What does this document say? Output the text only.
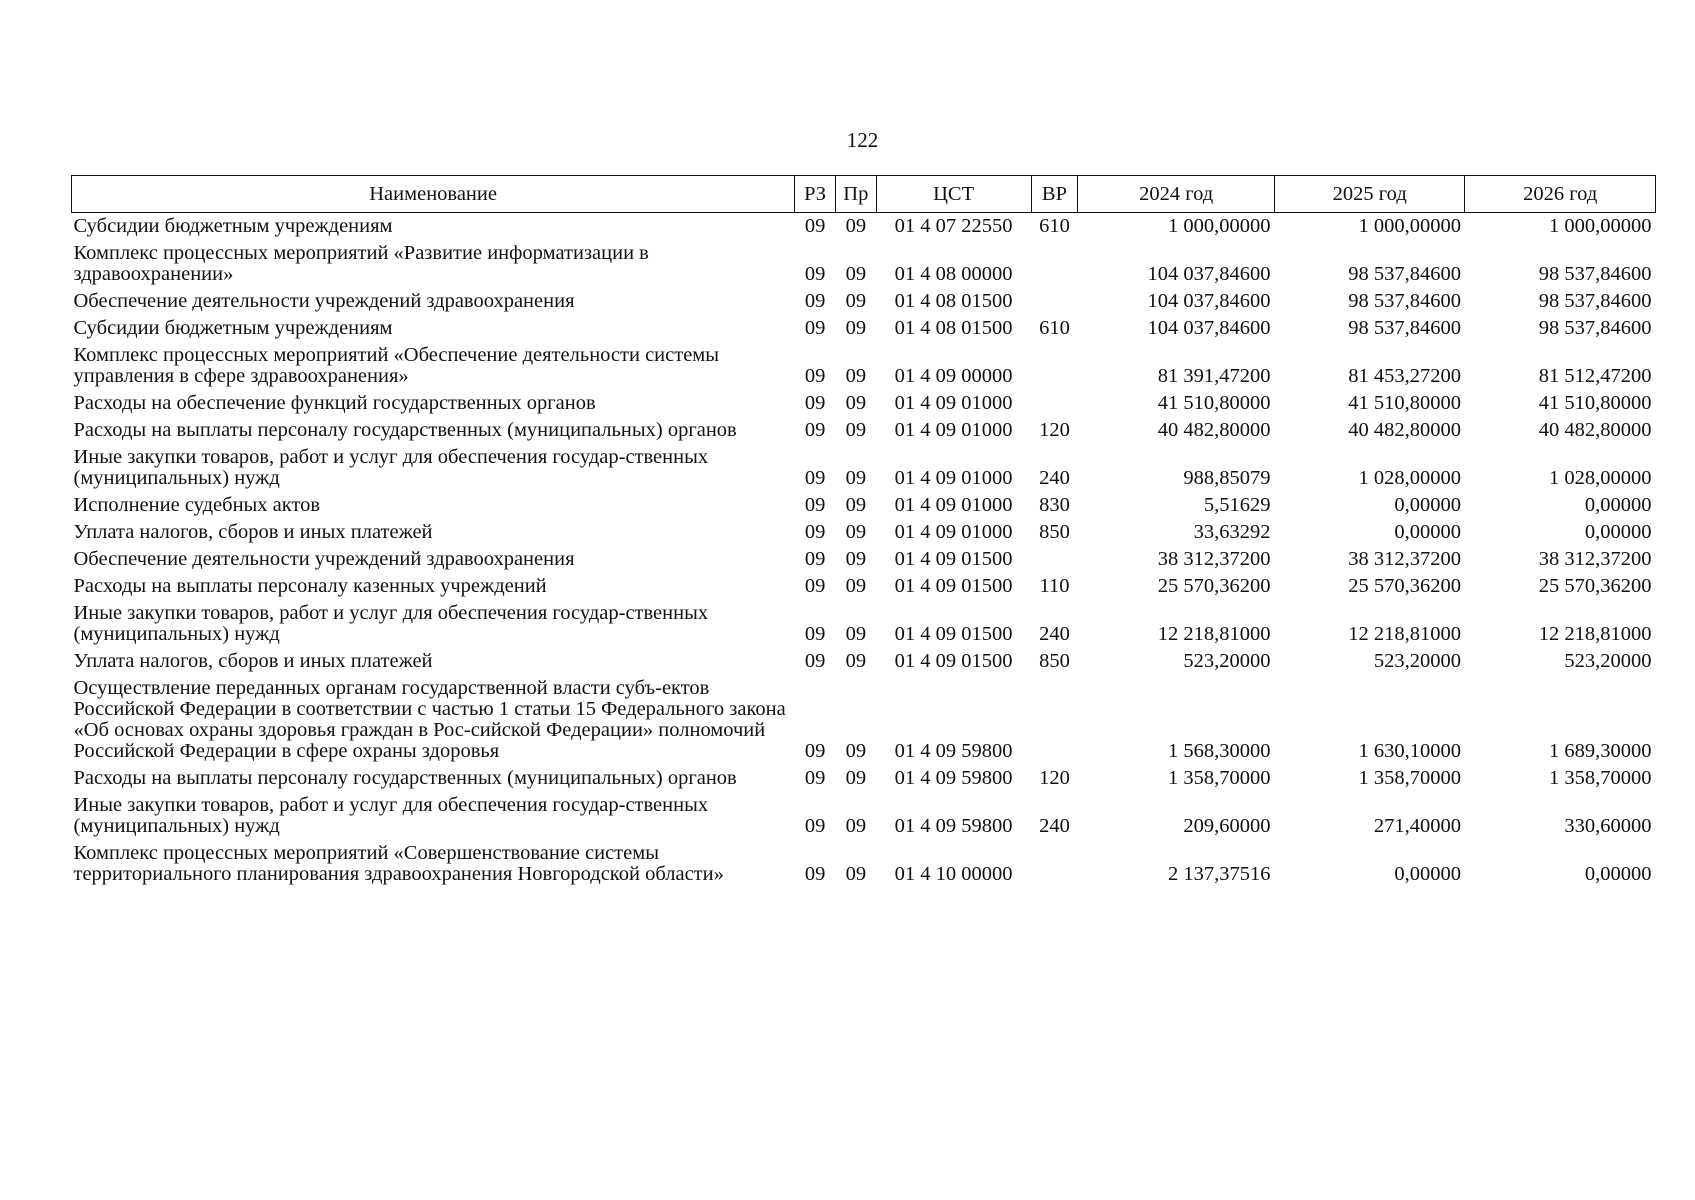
122
Наименование	РЗ	Пр	ЦСТ	ВР	2024 год	2025 год	2026 год
Субсидии бюджетным учреждениям	09	09	01 4 07 22550	610	1 000,00000	1 000,00000	1 000,00000
Комплекс процессных мероприятий «Развитие информатизации в здравоохранении»	09	09	01 4 08 00000		104 037,84600	98 537,84600	98 537,84600
Обеспечение деятельности учреждений здравоохранения	09	09	01 4 08 01500		104 037,84600	98 537,84600	98 537,84600
Субсидии бюджетным учреждениям	09	09	01 4 08 01500	610	104 037,84600	98 537,84600	98 537,84600
Комплекс процессных мероприятий «Обеспечение деятельности системы управления в сфере здравоохранения»	09	09	01 4 09 00000		81 391,47200	81 453,27200	81 512,47200
Расходы на обеспечение функций государственных органов	09	09	01 4 09 01000		41 510,80000	41 510,80000	41 510,80000
Расходы на выплаты персоналу государственных (муниципальных) органов	09	09	01 4 09 01000	120	40 482,80000	40 482,80000	40 482,80000
Иные закупки товаров, работ и услуг для обеспечения государ-ственных (муниципальных) нужд	09	09	01 4 09 01000	240	988,85079	1 028,00000	1 028,00000
Исполнение судебных актов	09	09	01 4 09 01000	830	5,51629	0,00000	0,00000
Уплата налогов, сборов и иных платежей	09	09	01 4 09 01000	850	33,63292	0,00000	0,00000
Обеспечение деятельности учреждений здравоохранения	09	09	01 4 09 01500		38 312,37200	38 312,37200	38 312,37200
Расходы на выплаты персоналу казенных учреждений	09	09	01 4 09 01500	110	25 570,36200	25 570,36200	25 570,36200
Иные закупки товаров, работ и услуг для обеспечения государ-ственных (муниципальных) нужд	09	09	01 4 09 01500	240	12 218,81000	12 218,81000	12 218,81000
Уплата налогов, сборов и иных платежей	09	09	01 4 09 01500	850	523,20000	523,20000	523,20000
Осуществление переданных органам государственной власти субъ-ектов Российской Федерации в соответствии с частью 1 статьи 15 Федерального закона «Об основах охраны здоровья граждан в Рос-сийской Федерации» полномочий Российской Федерации в сфере охраны здоровья	09	09	01 4 09 59800		1 568,30000	1 630,10000	1 689,30000
Расходы на выплаты персоналу государственных (муниципальных) органов	09	09	01 4 09 59800	120	1 358,70000	1 358,70000	1 358,70000
Иные закупки товаров, работ и услуг для обеспечения государ-ственных (муниципальных) нужд	09	09	01 4 09 59800	240	209,60000	271,40000	330,60000
Комплекс процессных мероприятий «Совершенствование системы территориального планирования здравоохранения Новгородской области»	09	09	01 4 10 00000		2 137,37516	0,00000	0,00000
